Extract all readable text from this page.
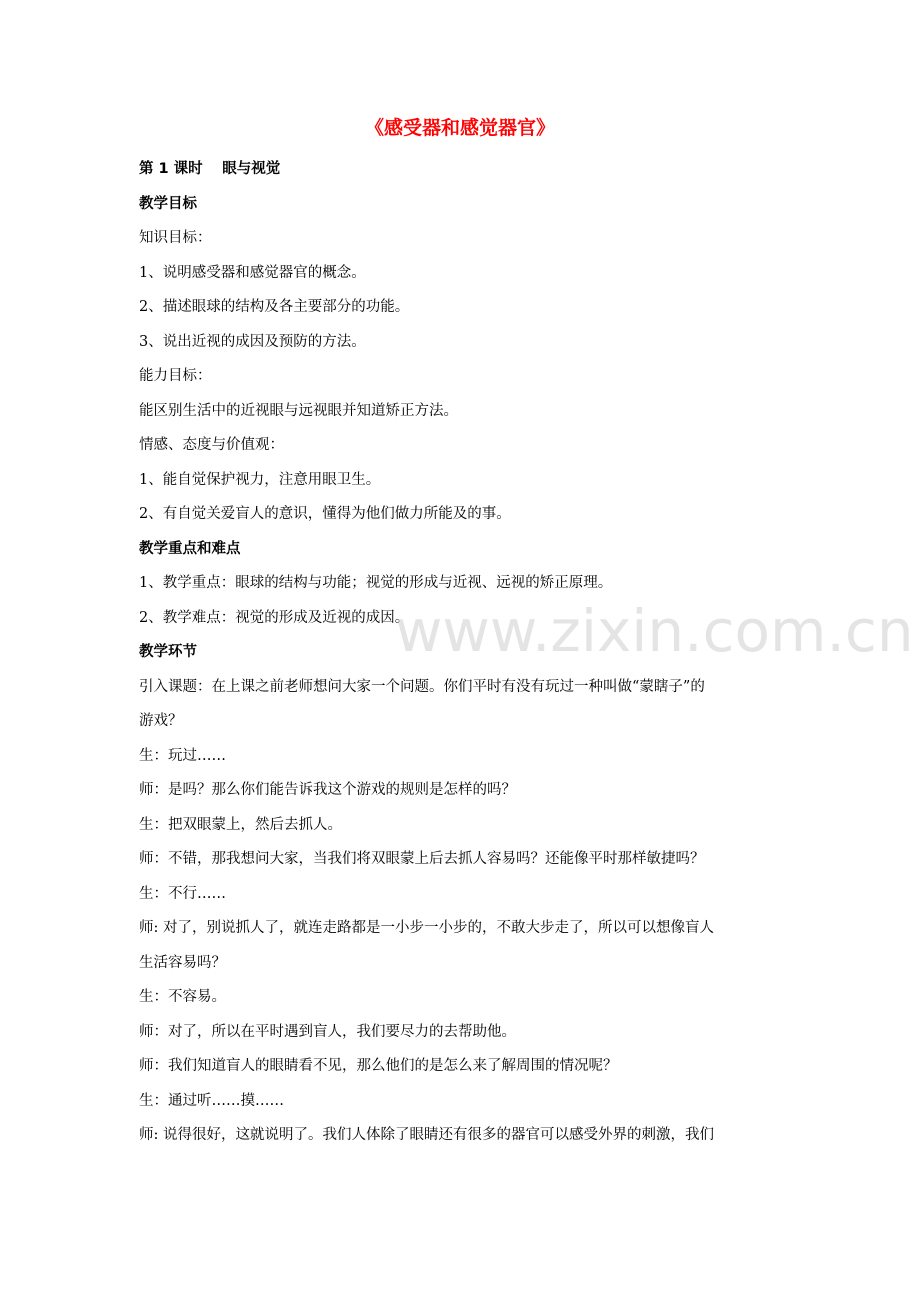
《感受器和感觉器官》
第 1 课时　 眼与视觉
教学目标
知识目标：
1、说明感受器和感觉器官的概念。
2、描述眼球的结构及各主要部分的功能。
3、说出近视的成因及预防的方法。
能力目标：
能区别生活中的近视眼与远视眼并知道矫正方法。
情感、态度与价值观：
1、能自觉保护视力，注意用眼卫生。
2、有自觉关爱盲人的意识，懂得为他们做力所能及的事。
教学重点和难点
1、教学重点：眼球的结构与功能；视觉的形成与近视、远视的矫正原理。
2、教学难点：视觉的形成及近视的成因。
教学环节
引入课题：在上课之前老师想问大家一个问题。你们平时有没有玩过一种叫做“蒙瞎子”的
游戏？
生：玩过……
师：是吗？那么你们能告诉我这个游戏的规则是怎样的吗？
生：把双眼蒙上，然后去抓人。
师：不错，那我想问大家，当我们将双眼蒙上后去抓人容易吗？还能像平时那样敏捷吗？
生：不行……
师: 对了，别说抓人了，就连走路都是一小步一小步的，不敢大步走了，所以可以想像盲人
生活容易吗？
生：不容易。
师：对了，所以在平时遇到盲人，我们要尽力的去帮助他。
师：我们知道盲人的眼睛看不见，那么他们的是怎么来了解周围的情况呢？
生：通过听……摸……
师: 说得很好，这就说明了。我们人体除了眼睛还有很多的器官可以感受外界的刺激，我们
www.zixin.com.cn
